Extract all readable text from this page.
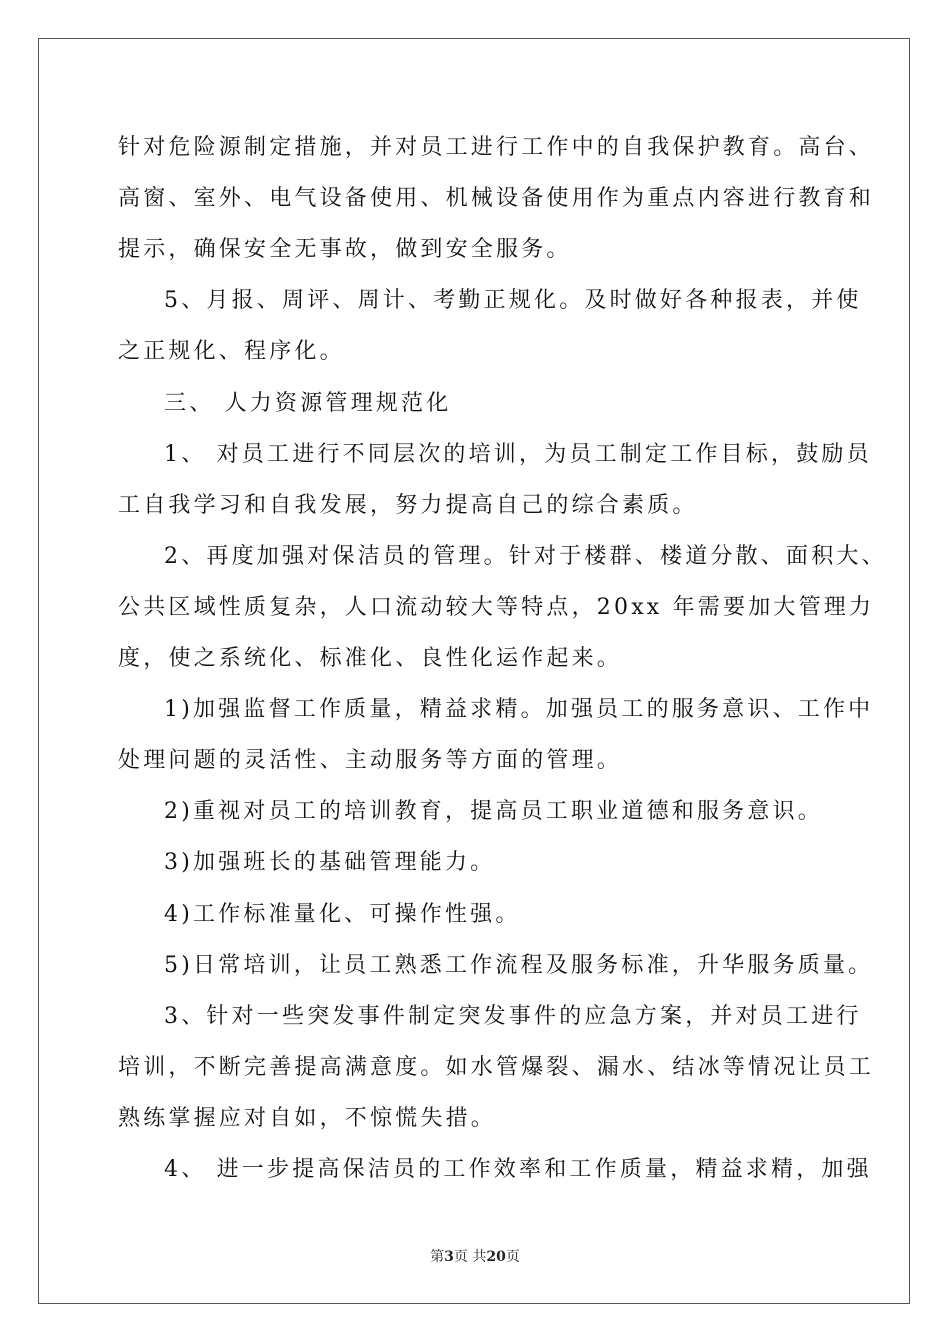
针对危险源制定措施，并对员工进行工作中的自我保护教育。高台、
高窗、室外、电气设备使用、机械设备使用作为重点内容进行教育和
提示，确保安全无事故，做到安全服务。
5、月报、周评、周计、考勤正规化。及时做好各种报表，并使
之正规化、程序化。
三、 人力资源管理规范化
1、 对员工进行不同层次的培训，为员工制定工作目标，鼓励员
工自我学习和自我发展，努力提高自己的综合素质。
2、再度加强对保洁员的管理。针对于楼群、楼道分散、面积大、
公共区域性质复杂，人口流动较大等特点，20xx 年需要加大管理力
度，使之系统化、标准化、良性化运作起来。
1)加强监督工作质量，精益求精。加强员工的服务意识、工作中
处理问题的灵活性、主动服务等方面的管理。
2)重视对员工的培训教育，提高员工职业道德和服务意识。
3)加强班长的基础管理能力。
4)工作标准量化、可操作性强。
5)日常培训，让员工熟悉工作流程及服务标准，升华服务质量。
3、针对一些突发事件制定突发事件的应急方案，并对员工进行
培训，不断完善提高满意度。如水管爆裂、漏水、结冰等情况让员工
熟练掌握应对自如，不惊慌失措。
4、 进一步提高保洁员的工作效率和工作质量，精益求精，加强
第3页 共20页
